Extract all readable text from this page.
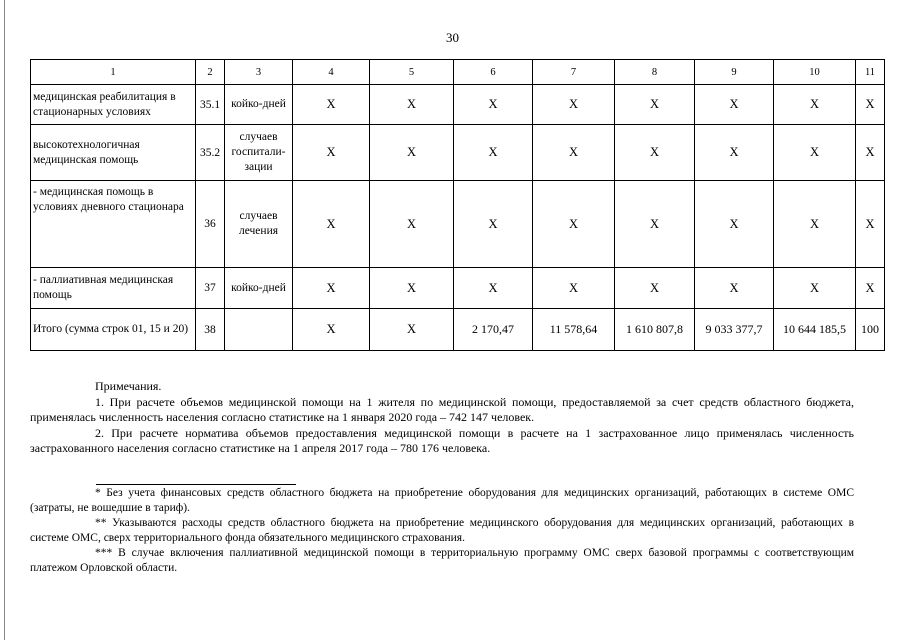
30
1	2	3	4	5	6	7	8	9	10	11
медицинская реабилитация в стационарных условиях	35.1	койко-дней	X	X	X	X	X	X	X	X
высокотехнологичная медицинская помощь	35.2	случаев госпитали-зации	X	X	X	X	X	X	X	X
- медицинская помощь в условиях дневного стационара	36	случаев лечения	X	X	X	X	X	X	X	X
- паллиативная медицинская помощь	37	койко-дней	X	X	X	X	X	X	X	X
Итого (сумма строк 01, 15 и 20)	38		X	X	2 170,47	11 578,64	1 610 807,8	9 033 377,7	10 644 185,5	100

Примечания.

1. При расчете объемов медицинской помощи на 1 жителя по медицинской помощи, предоставляемой за счет средств областного бюджета, применялась численность населения согласно статистике на 1 января 2020 года – 742 147 человек.

2. При расчете норматива объемов предоставления медицинской помощи в расчете на 1 застрахованное лицо применялась численность застрахованного населения согласно статистике на 1 апреля 2017 года – 780 176 человека.

* Без учета финансовых средств областного бюджета на приобретение оборудования для медицинских организаций, работающих в системе ОМС (затраты, не вошедшие в тариф).

** Указываются расходы средств областного бюджета на приобретение медицинского оборудования для медицинских организаций, работающих в системе ОМС, сверх территориального фонда обязательного медицинского страхования.

*** В случае включения паллиативной медицинской помощи в территориальную программу ОМС сверх базовой программы с соответствующим платежом Орловской области.
